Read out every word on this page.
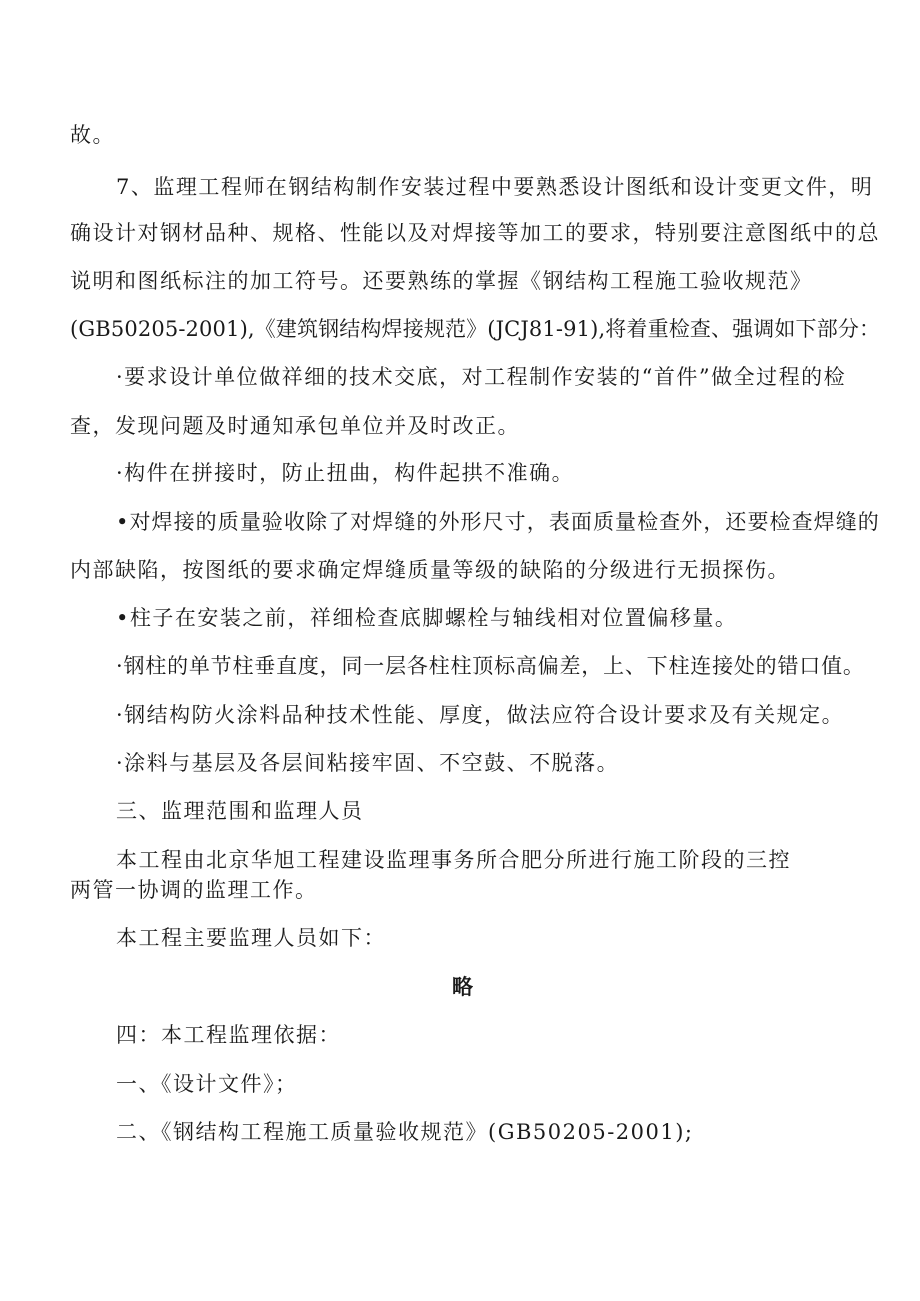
故。
7、监理工程师在钢结构制作安装过程中要熟悉设计图纸和设计变更文件，明
确设计对钢材品种、规格、性能以及对焊接等加工的要求，特别要注意图纸中的总
说明和图纸标注的加工符号。还要熟练的掌握《钢结构工程施工验收规范》
(GB50205-2001),《建筑钢结构焊接规范》(JCJ81-91),将着重检查、强调如下部分：
·要求设计单位做祥细的技术交底，对工程制作安装的“首件”做全过程的检
查，发现问题及时通知承包单位并及时改正。
·构件在拼接时，防止扭曲，构件起拱不准确。
•对焊接的质量验收除了对焊缝的外形尺寸，表面质量检查外，还要检查焊缝的
内部缺陷，按图纸的要求确定焊缝质量等级的缺陷的分级进行无损探伤。
•柱子在安装之前，祥细检查底脚螺栓与轴线相对位置偏移量。
·钢柱的单节柱垂直度，同一层各柱柱顶标高偏差，上、下柱连接处的错口值。
·钢结构防火涂料品种技术性能、厚度，做法应符合设计要求及有关规定。
·涂料与基层及各层间粘接牢固、不空鼓、不脱落。
三、监理范围和监理人员
本工程由北京华旭工程建设监理事务所合肥分所进行施工阶段的三控
两管一协调的监理工作。
本工程主要监理人员如下：
略
四：本工程监理依据：
一、《设计文件》；
二、《钢结构工程施工质量验收规范》(GB50205-2001);
